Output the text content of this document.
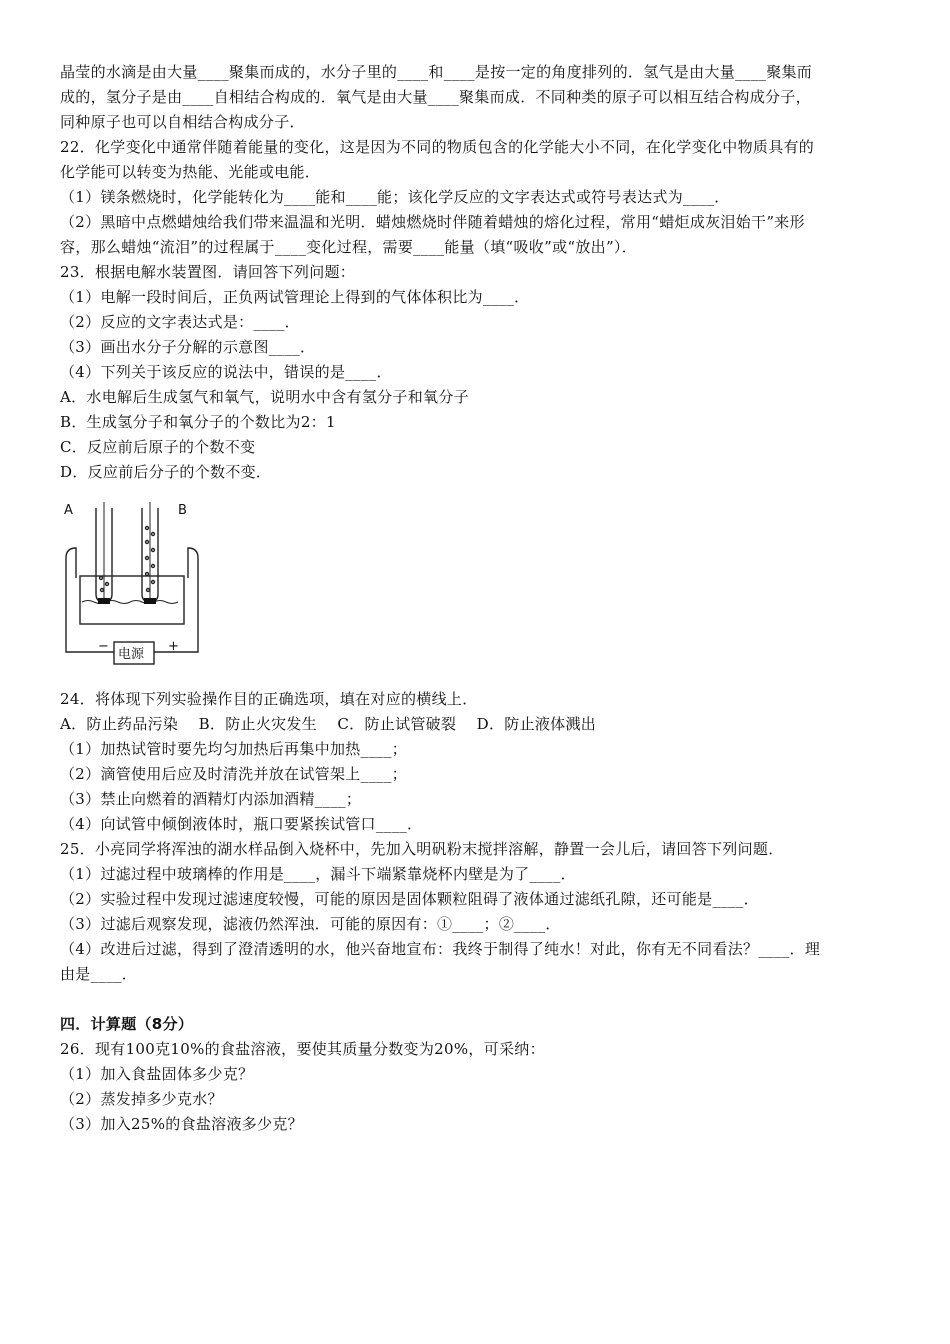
晶莹的水滴是由大量____聚集而成的，水分子里的____和____是按一定的角度排列的．氢气是由大量____聚集而
成的，氢分子是由____自相结合构成的．氧气是由大量____聚集而成．不同种类的原子可以相互结合构成分子，
同种原子也可以自相结合构成分子．
22．化学变化中通常伴随着能量的变化，这是因为不同的物质包含的化学能大小不同，在化学变化中物质具有的
化学能可以转变为热能、光能或电能．
（1）镁条燃烧时，化学能转化为____能和____能；该化学反应的文字表达式或符号表达式为____．
（2）黑暗中点燃蜡烛给我们带来温温和光明．蜡烛燃烧时伴随着蜡烛的熔化过程，常用“蜡炬成灰泪始干”来形
容，那么蜡烛“流泪”的过程属于____变化过程，需要____能量（填“吸收”或“放出”）．
23．根据电解水装置图．请回答下列问题：
（1）电解一段时间后，正负两试管理论上得到的气体体积比为____．
（2）反应的文字表达式是：____．
（3）画出水分子分解的示意图____．
（4）下列关于该反应的说法中，错误的是____．
A．水电解后生成氢气和氧气，说明水中含有氢分子和氧分子
B．生成氢分子和氧分子的个数比为2：1
C．反应前后原子的个数不变
D．反应前后分子的个数不变．
A	B
电源
−	+
24．将体现下列实验操作目的正确选项，填在对应的横线上．
A．防止药品污染　 B．防止火灾发生　 C．防止试管破裂　 D．防止液体溅出
（1）加热试管时要先均匀加热后再集中加热____；
（2）滴管使用后应及时清洗并放在试管架上____；
（3）禁止向燃着的酒精灯内添加酒精____；
（4）向试管中倾倒液体时，瓶口要紧挨试管口____．
25．小亮同学将浑浊的湖水样品倒入烧杯中，先加入明矾粉末搅拌溶解，静置一会儿后，请回答下列问题．
（1）过滤过程中玻璃棒的作用是____，漏斗下端紧靠烧杯内壁是为了____．
（2）实验过程中发现过滤速度较慢，可能的原因是固体颗粒阻碍了液体通过滤纸孔隙，还可能是____．
（3）过滤后观察发现，滤液仍然浑浊．可能的原因有：①____；②____．
（4）改进后过滤，得到了澄清透明的水，他兴奋地宣布：我终于制得了纯水！对此，你有无不同看法？____．理
由是____．
四．计算题（8分）
26．现有100克10%的食盐溶液，要使其质量分数变为20%，可采纳：
（1）加入食盐固体多少克？
（2）蒸发掉多少克水？
（3）加入25%的食盐溶液多少克？
